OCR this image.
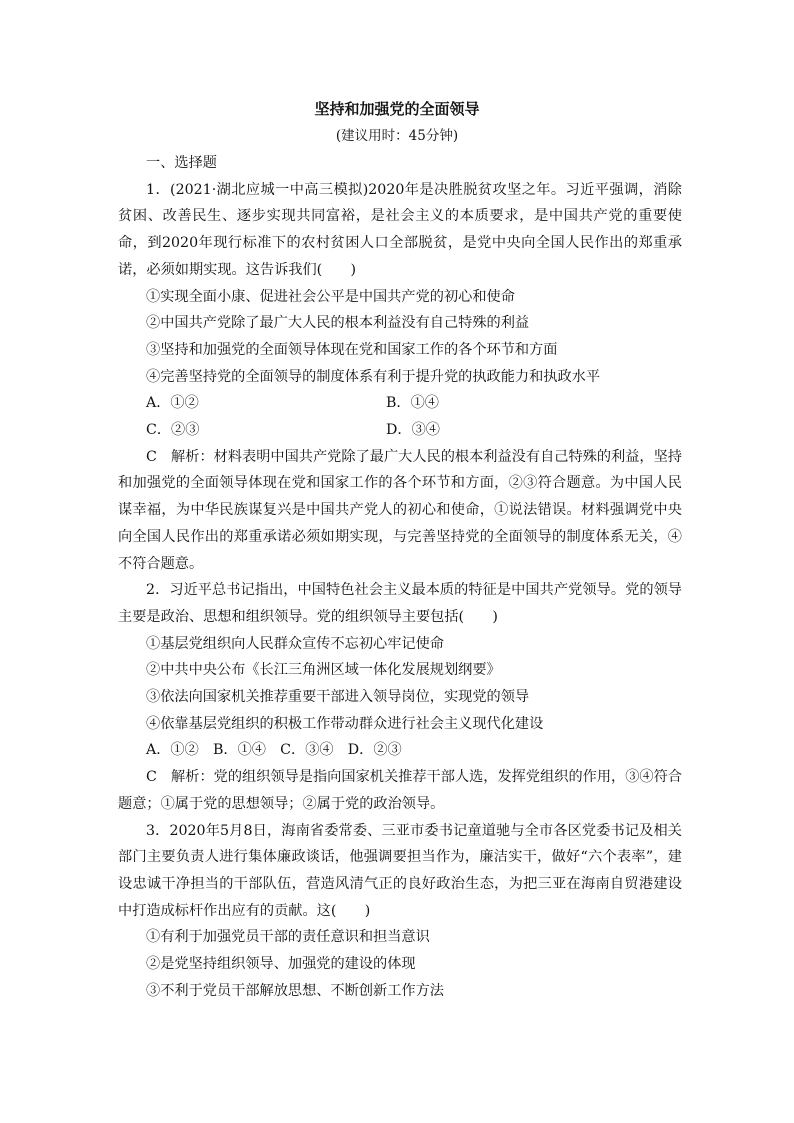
坚持和加强党的全面领导
(建议用时：45分钟)

一、选择题

1．(2021·湖北应城一中高三模拟)2020年是决胜脱贫攻坚之年。习近平强调，消除贫困、改善民生、逐步实现共同富裕，是社会主义的本质要求，是中国共产党的重要使命，到2020年现行标准下的农村贫困人口全部脱贫，是党中央向全国人民作出的郑重承诺，必须如期实现。这告诉我们(　　)

①实现全面小康、促进社会公平是中国共产党的初心和使命

②中国共产党除了最广大人民的根本利益没有自己特殊的利益

③坚持和加强党的全面领导体现在党和国家工作的各个环节和方面

④完善坚持党的全面领导的制度体系有利于提升党的执政能力和执政水平

A．①②	B．①④
C．②③	D．③④

C　解析：材料表明中国共产党除了最广大人民的根本利益没有自己特殊的利益，坚持和加强党的全面领导体现在党和国家工作的各个环节和方面，②③符合题意。为中国人民谋幸福，为中华民族谋复兴是中国共产党人的初心和使命，①说法错误。材料强调党中央向全国人民作出的郑重承诺必须如期实现，与完善坚持党的全面领导的制度体系无关，④不符合题意。

2．习近平总书记指出，中国特色社会主义最本质的特征是中国共产党领导。党的领导主要是政治、思想和组织领导。党的组织领导主要包括(　　)

①基层党组织向人民群众宣传不忘初心牢记使命

②中共中央公布《长江三角洲区域一体化发展规划纲要》

③依法向国家机关推荐重要干部进入领导岗位，实现党的领导

④依靠基层党组织的积极工作带动群众进行社会主义现代化建设

A．①②　B．①④　C．③④　D．②③

C　解析：党的组织领导是指向国家机关推荐干部人选，发挥党组织的作用，③④符合题意；①属于党的思想领导；②属于党的政治领导。

3．2020年5月8日，海南省委常委、三亚市委书记童道驰与全市各区党委书记及相关部门主要负责人进行集体廉政谈话，他强调要担当作为，廉洁实干，做好“六个表率”，建设忠诚干净担当的干部队伍，营造风清气正的良好政治生态，为把三亚在海南自贸港建设中打造成标杆作出应有的贡献。这(　　)

①有利于加强党员干部的责任意识和担当意识

②是党坚持组织领导、加强党的建设的体现

③不利于党员干部解放思想、不断创新工作方法
